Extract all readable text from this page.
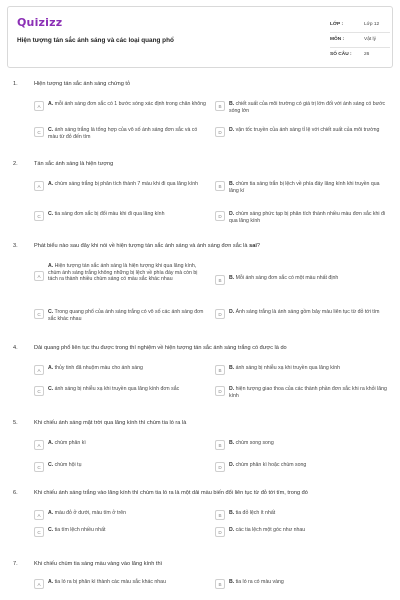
Quizizz
Hiện tượng tán sắc ánh sáng và các loại quang phổ
LỚP :	Lớp 12
MÔN :	Vật lý
SỐ CÂU :	26
1.	Hiện tượng tán sắc ánh sáng chứng tỏ
A	A. mỗi ánh sáng đơn sắc có 1 bước sóng xác định trong chân không	B	B. chiết suất của môi trường có giá trị lớn đối với ánh sáng có bước sóng lớn
C	C. ánh sáng trắng là tổng hợp của vô số ánh sáng đơn sắc và có màu từ đỏ đến tím
D	D. vận tốc truyền của ánh sáng tỉ lệ với chiết suất của môi trường
2.	Tán sắc ánh sáng là hiện tượng
A	A. chùm sáng trắng bị phân tích thành 7 màu khi đi qua lăng kính	B	B. chùm tia sáng trắn bị lệch về phía đáy lăng kính khi truyền qua lăng kí
C	C. tia sáng đơn sắc bị đổi màu khi đi qua lăng kính	D	D. chùm sáng phức tạp bị phân tích thành nhiều màu đơn sắc khi đi qua lăng kính
3.	Phát biểu nào sau đây khi nói về hiện tượng tán sắc ánh sáng và ánh sáng đơn sắc là sai?
A
A. Hiện tượng tán sắc ánh sáng là hiện tượng khi qua lăng kính, chùm ánh sáng trắng không những bị lệch về phía đáy mà còn bị tách ra thành nhiều chùm sáng có màu sắc khác nhau	B	B. Mỗi ánh sáng đơn sắc có một màu nhất định
C	C. Trong quang phổ của ánh sáng trắng có vô số các ánh sáng đơn sắc khác nhau
D	D. Ánh sáng trắng là ánh sáng gồm bảy màu liên tục từ đỏ tới tím
4.	Dải quang phổ liên tục thu được trong thí nghiệm về hiện tượng tán sắc ánh sáng trắng có được là do
A	A. thủy tinh đã nhuộm màu cho ánh sáng	B	B. ánh sáng bị nhiễu xạ khi truyền qua lăng kính
C	C. ánh sáng bị nhiễu xạ khi truyền qua lăng kính đơn sắc	D	D. hiện tượng giao thoa của các thành phần đơn sắc khi ra khỏi lăng kính
5.	Khi chiếu ánh sáng mặt trời qua lăng kính thì chùm tia ló ra là
A	A. chùm phân kì	B	B. chùm song song
C	C. chùm hội tụ	D	D. chùm phân kì hoặc chùm song
6.	Khi chiếu ánh sáng trắng vào lăng kính thì chùm tia ló ra là một dải màu biến đổi liên tục từ đỏ tới tím, trong đó
A	A. màu đỏ ở dưới, màu tím ở trên	B	B. tia đỏ lệch ít nhất
C	C. tia tím lệch nhiều nhất	D	D. các tia lệch một góc như nhau
7.	Khi chiếu chùm tia sáng màu vàng vào lăng kính thì
A	A. tia ló ra bị phân kì thành các màu sắc khác nhau	B	B. tia ló ra có màu vàng
